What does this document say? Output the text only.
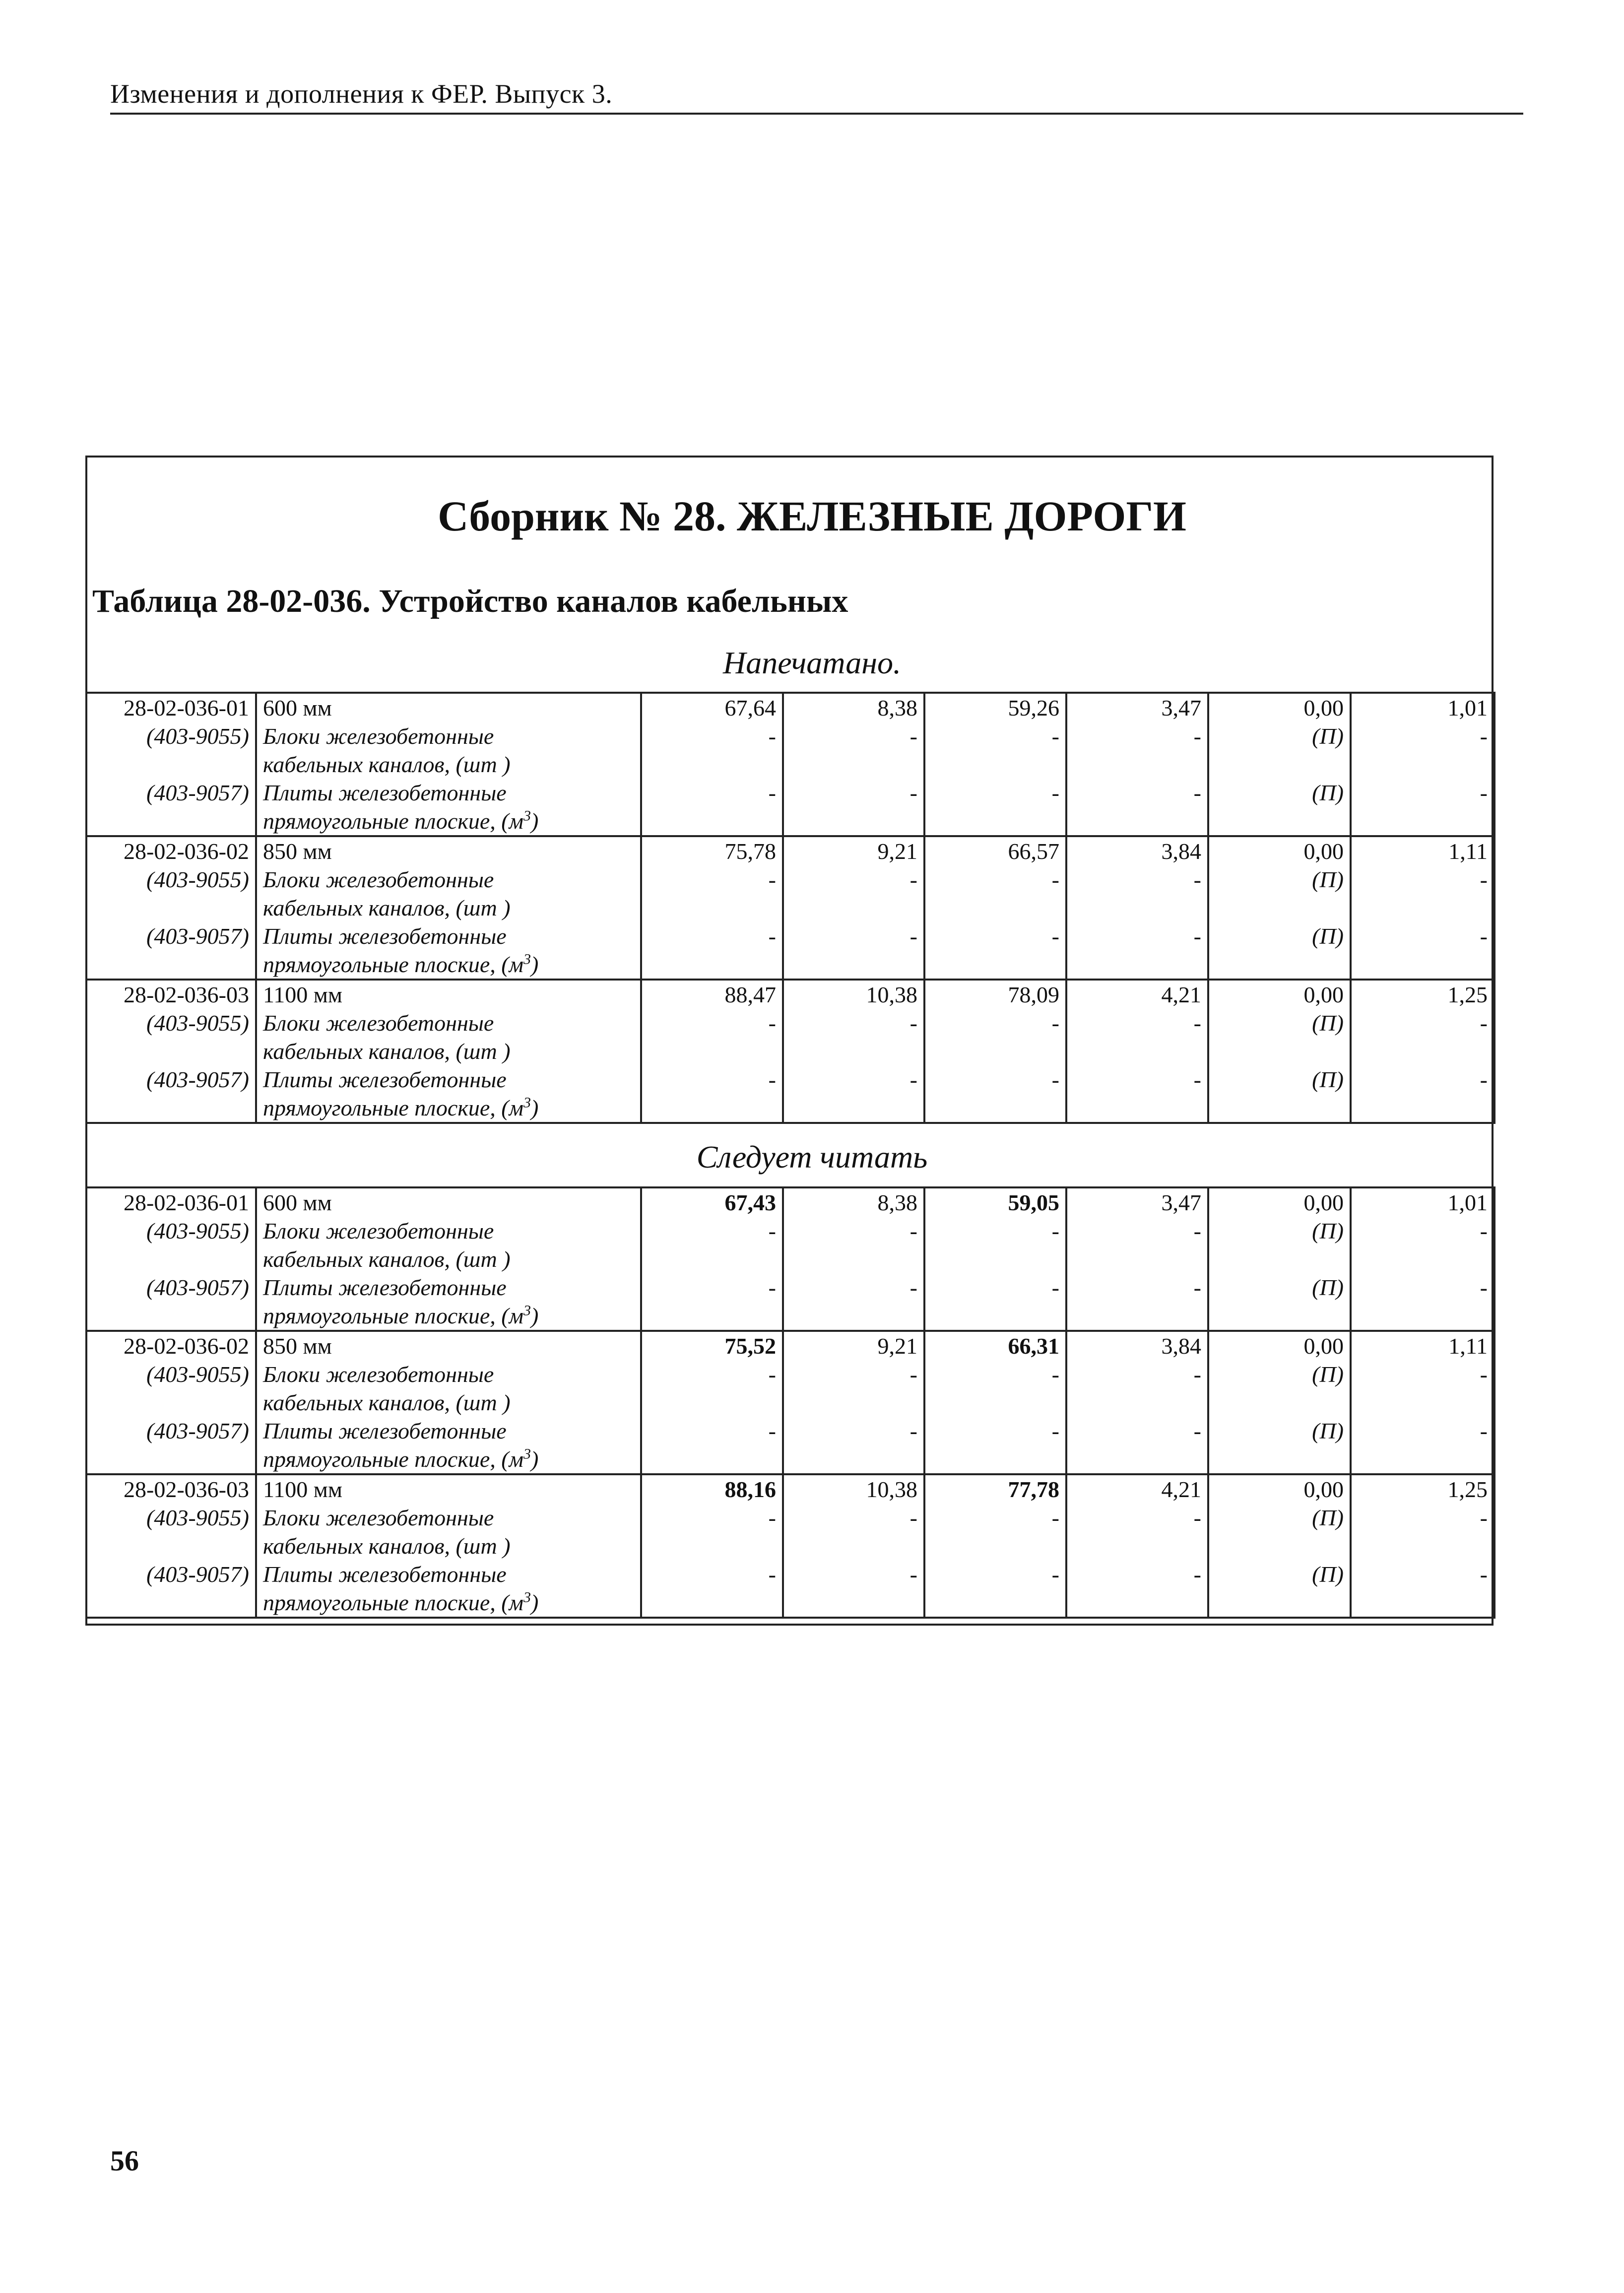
Изменения и дополнения к ФЕР. Выпуск 3.
Сборник № 28. ЖЕЛЕЗНЫЕ ДОРОГИ
Таблица 28-02-036. Устройство каналов кабельных
Напечатано.
28-02-036-01	600 мм	67,64	8,38	59,26	3,47	0,00	1,01
(403-9055)	Блоки железобетонные	-	-	-	-	(П)	-
	кабельных каналов, (шт )						
(403-9057)	Плиты железобетонные	-	-	-	-	(П)	-
	прямоугольные плоские, $(м^3)$						
28-02-036-02	850 мм	75,78	9,21	66,57	3,84	0,00	1,11
(403-9055)	Блоки железобетонные	-	-	-	-	(П)	-
	кабельных каналов, (шт )						
(403-9057)	Плиты железобетонные	-	-	-	-	(П)	-
	прямоугольные плоские, $(м^3)$						
28-02-036-03	1100 мм	88,47	10,38	78,09	4,21	0,00	1,25
(403-9055)	Блоки железобетонные	-	-	-	-	(П)	-
	кабельных каналов, (шт )						
(403-9057)	Плиты железобетонные	-	-	-	-	(П)	-
	прямоугольные плоские, $(м^3)$						
Следует читать
28-02-036-01	600 мм	67,43	8,38	59,05	3,47	0,00	1,01
(403-9055)	Блоки железобетонные	-	-	-	-	(П)	-
	кабельных каналов, (шт )						
(403-9057)	Плиты железобетонные	-	-	-	-	(П)	-
	прямоугольные плоские, $(м^3)$						
28-02-036-02	850 мм	75,52	9,21	66,31	3,84	0,00	1,11
(403-9055)	Блоки железобетонные	-	-	-	-	(П)	-
	кабельных каналов, (шт )						
(403-9057)	Плиты железобетонные	-	-	-	-	(П)	-
	прямоугольные плоские, $(м^3)$						
28-02-036-03	1100 мм	88,16	10,38	77,78	4,21	0,00	1,25
(403-9055)	Блоки железобетонные	-	-	-	-	(П)	-
	кабельных каналов, (шт )						
(403-9057)	Плиты железобетонные	-	-	-	-	(П)	-
	прямоугольные плоские, $(м^3)$						
56
